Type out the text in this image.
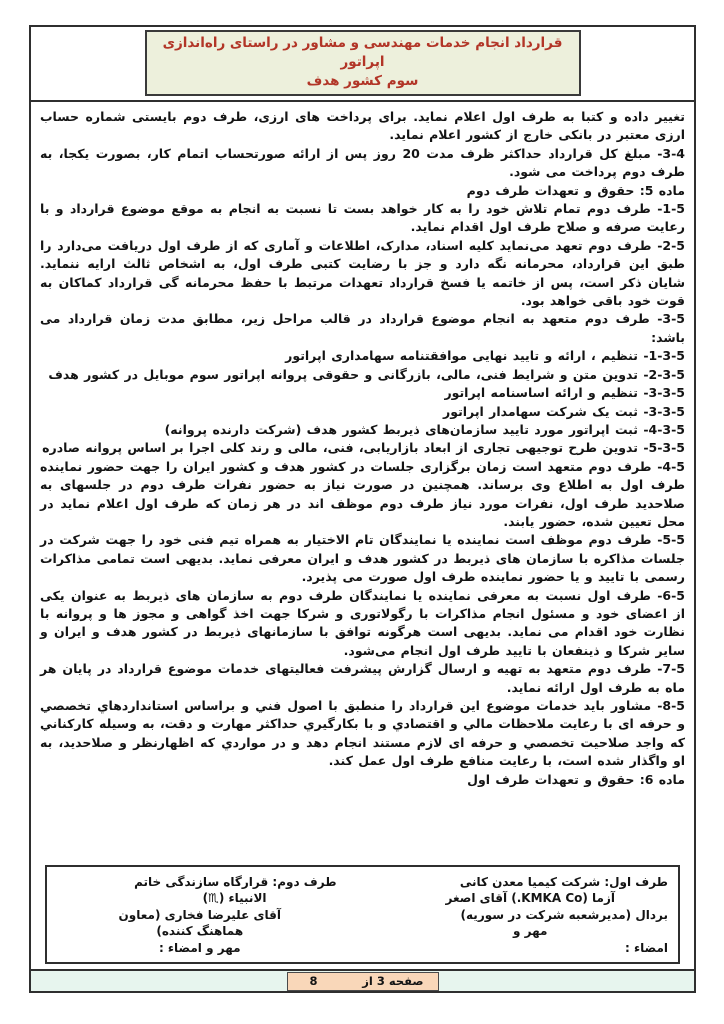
قرارداد انجام خدمات مهندسی و مشاور در راستای راه‌اندازی اپراتور
سوم کشور هدف
تغییر داده و کتبا به طرف اول اعلام نماید. برای پرداخت های ارزی، طرف دوم بایستی شماره حساب ارزی معتبر در بانکی خارج از کشور اعلام نماید.
‪-3-4‬ مبلغ کل قرارداد حداکثر ظرف مدت 20 روز پس از ارائه صورتحساب اتمام کار، بصورت یکجا، به طرف دوم پرداخت می شود.
ماده 5: حقوق و تعهدات طرف دوم
‪-1-5‬ طرف دوم تمام تلاش خود را به کار خواهد بست تا نسبت به انجام به موقع موضوع قرارداد و با رعایت صرفه و صلاح طرف اول اقدام نماید.
‪-2-5‬ طرف دوم تعهد می‌نماید کلیه اسناد، مدارک، اطلاعات و آماری که از طرف اول دریافت می‌دارد را طبق این قرارداد، محرمانه نگه دارد و جز با رضایت کتبی طرف اول، به اشخاص ثالث ارایه ننماید. شایان ذکر است، پس از خاتمه یا فسخ قرارداد تعهدات مرتبط با حفظ محرمانه گی قرارداد کماکان به قوت خود باقی خواهد بود.
‪-3-5‬ طرف دوم متعهد به انجام موضوع قرارداد در قالب مراحل زیر، مطابق مدت زمان قرارداد می باشد:
‪-1-3-5‬ تنظیم ، ارائه و تایید نهایی موافقتنامه سهامداری اپراتور
‪-2-3-5‬ تدوین متن و شرایط فنی، مالی، بازرگانی و حقوقی پروانه اپراتور سوم موبایل در کشور هدف
‪-3-3-5‬ تنظیم و ارائه اساسنامه اپراتور
‪-3-3-5‬ ثبت یک شرکت سهامدار اپراتور
‪-4-3-5‬ ثبت اپراتور مورد تایید سازمان‌های ذیربط کشور هدف (شرکت دارنده پروانه)
‪-5-3-5‬ تدوین طرح توجیهی تجاری از ابعاد بازاریابی، فنی، مالی و رند کلی اجرا بر اساس پروانه صادره
‪-4-5‬ طرف دوم متعهد است زمان برگزاری جلسات در کشور هدف و کشور ایران را جهت حضور نماینده طرف اول به اطلاع وی برساند. همچنین در صورت نیاز به حضور نفرات طرف دوم در جلسهای به صلاحدید طرف اول، نفرات مورد نیاز طرف دوم موظف اند در هر زمان که طرف اول اعلام نماید در محل تعیین شده، حضور یابند.
‪-5-5‬ طرف دوم موظف است نماینده یا نمایندگان تام الاختیار به همراه تیم فنی خود را جهت شرکت در جلسات مذاکره با سازمان های ذیربط در کشور هدف و ایران معرفی نماید. بدیهی است تمامی مذاکرات رسمی با تایید و یا حضور نماینده طرف اول صورت می پذیرد.
‪-6-5‬ طرف اول نسبت به معرفی نماینده یا نمایندگان طرف دوم به سازمان های ذیربط به عنوان یکی از اعضای خود و مسئول انجام مذاکرات با رگولاتوری و شرکا جهت اخذ گواهی و مجوز ها و پروانه با نظارت خود اقدام می نماید. بدیهی است هرگونه توافق با سازمانهای ذیربط در کشور هدف و ایران و سایر شرکا و ذینفعان با تایید طرف اول انجام می‌شود.
‪-7-5‬ طرف دوم متعهد به تهیه و ارسال گزارش پیشرفت فعالیتهای خدمات موضوع قرارداد در پایان هر ماه به طرف اول ارائه نماید.
‪-8-5‬ مشاور باید خدمات موضوع این قرارداد را منطبق با اصول فني و براساس استانداردهاي تخصصي و حرفه ای با رعایت ملاحظات مالي و اقتصادي و با بکارگیري حداکثر مهارت و دقت، به وسیله کارکناني که واجد صلاحیت تخصصي و حرفه ای لازم مستند انجام دهد و در مواردي که اظهارنظر و صلاحدید، به او واگذار شده است، با رعایت منافع طرف اول عمل کند.
ماده 6: حقوق و تعهدات طرف اول
طرف اول: شرکت کیمیا معدن کانی
آزما ‪(.KMKA Co)‬ آقای اصغر
بردال (مدیرشعبه شرکت در سوریه)
مهر و
امضاء :
طرف دوم: قرارگاه سازندگی خاتم
الانبیاء (♏)
آقای علیرضا فخاری (معاون
هماهنگ کننده)
مهر و امضاء :
صفحه 3 از
8
